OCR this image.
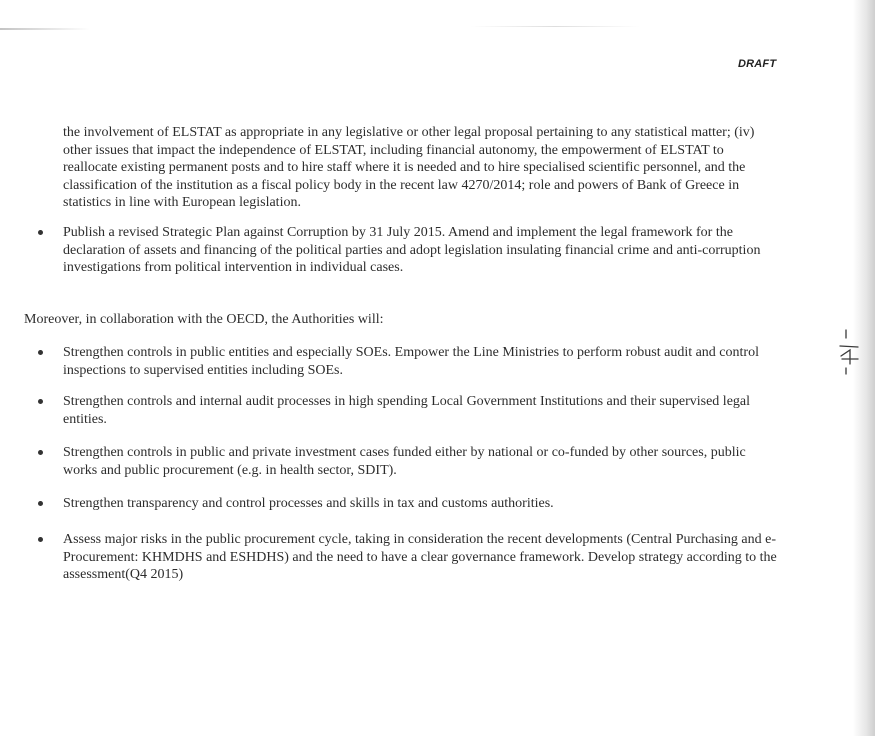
DRAFT

the involvement of ELSTAT as appropriate in any legislative or other legal proposal pertaining to any statistical matter; (iv) other issues that impact the independence of ELSTAT, including financial autonomy, the empowerment of ELSTAT to reallocate existing permanent posts and to hire staff where it is needed and to hire specialised scientific personnel, and the classification of the institution as a fiscal policy body in the recent law 4270/2014; role and powers of Bank of Greece in statistics in line with European legislation.

Publish a revised Strategic Plan against Corruption by 31 July 2015. Amend and implement the legal framework for the declaration of assets and financing of the political parties and adopt legislation insulating financial crime and anti-corruption investigations from political intervention in individual cases.

Moreover, in collaboration with the OECD, the Authorities will:

Strengthen controls in public entities and especially SOEs. Empower the Line Ministries to perform robust audit and control inspections to supervised entities including SOEs.
Strengthen controls and internal audit processes in high spending Local Government Institutions and their supervised legal entities.
Strengthen controls in public and private investment cases funded either by national or co-funded by other sources, public works and public procurement (e.g. in health sector, SDIT).
Strengthen transparency and control processes and skills in tax and customs authorities.
Assess major risks in the public procurement cycle, taking in consideration the recent developments (Central Purchasing and e-Procurement: KHMDHS and ESHDHS) and the need to have a clear governance framework. Develop strategy according to the assessment(Q4 2015)
